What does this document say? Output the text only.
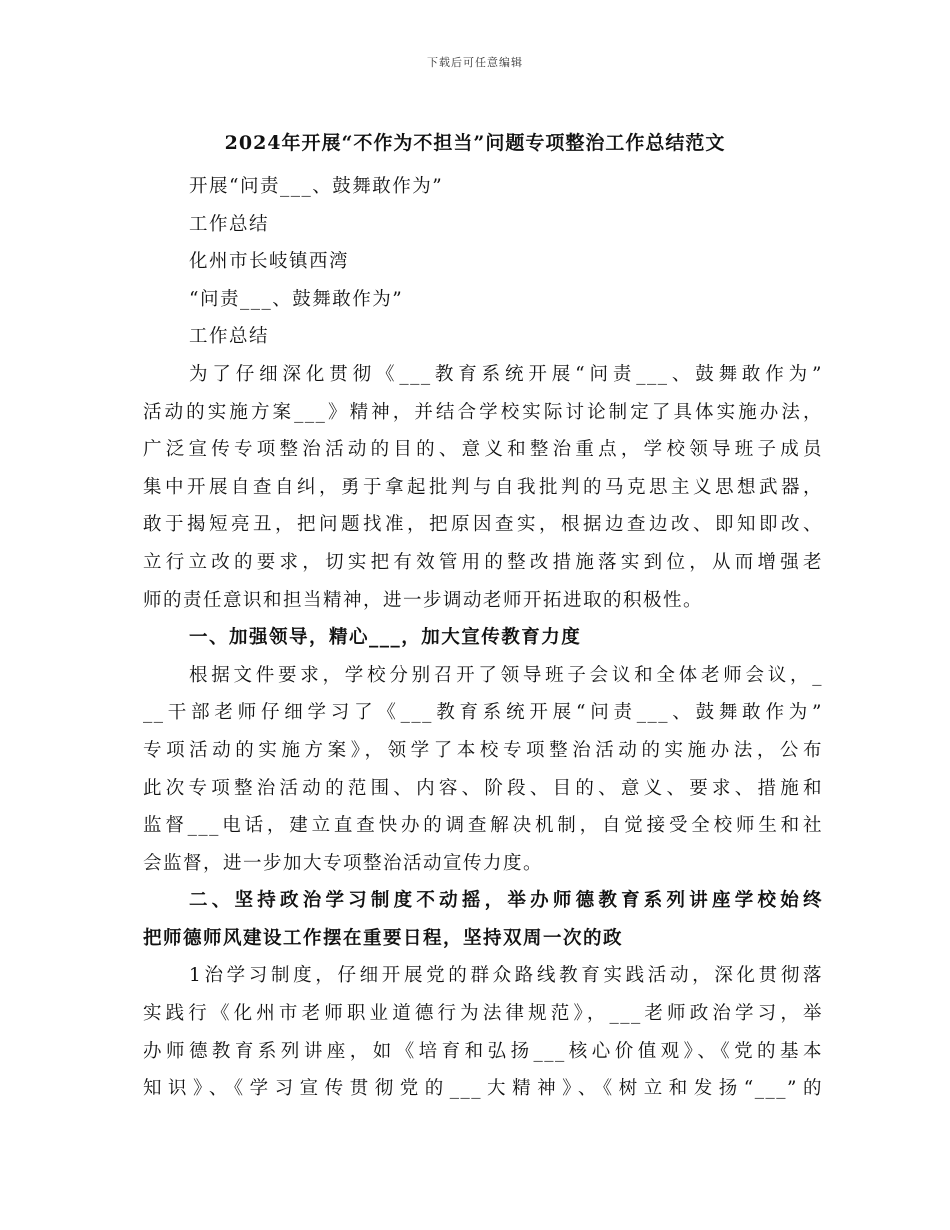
下载后可任意编辑
2024年开展“不作为不担当”问题专项整治工作总结范文
开展“问责___、鼓舞敢作为”
工作总结
化州市长岐镇西湾
“问责___、鼓舞敢作为”
工作总结
为了仔细深化贯彻《___教育系统开展“问责___、鼓舞敢作为”
活动的实施方案___》精神，并结合学校实际讨论制定了具体实施办法，
广泛宣传专项整治活动的目的、意义和整治重点，学校领导班子成员
集中开展自查自纠，勇于拿起批判与自我批判的马克思主义思想武器，
敢于揭短亮丑，把问题找准，把原因查实，根据边查边改、即知即改、
立行立改的要求，切实把有效管用的整改措施落实到位，从而增强老
师的责任意识和担当精神，进一步调动老师开拓进取的积极性。
一、加强领导，精心___，加大宣传教育力度
根据文件要求，学校分别召开了领导班子会议和全体老师会议，_
__干部老师仔细学习了《___教育系统开展“问责___、鼓舞敢作为”
专项活动的实施方案》，领学了本校专项整治活动的实施办法，公布
此次专项整治活动的范围、内容、阶段、目的、意义、要求、措施和
监督___电话，建立直查快办的调查解决机制，自觉接受全校师生和社
会监督，进一步加大专项整治活动宣传力度。
二、坚持政治学习制度不动摇，举办师德教育系列讲座学校始终
把师德师风建设工作摆在重要日程，坚持双周一次的政
1治学习制度，仔细开展党的群众路线教育实践活动，深化贯彻落
实践行《化州市老师职业道德行为法律规范》，___老师政治学习，举
办师德教育系列讲座，如《培育和弘扬___核心价值观》、《党的基本
知识》、《学习宣传贯彻党的___大精神》、《树立和发扬“___”的
